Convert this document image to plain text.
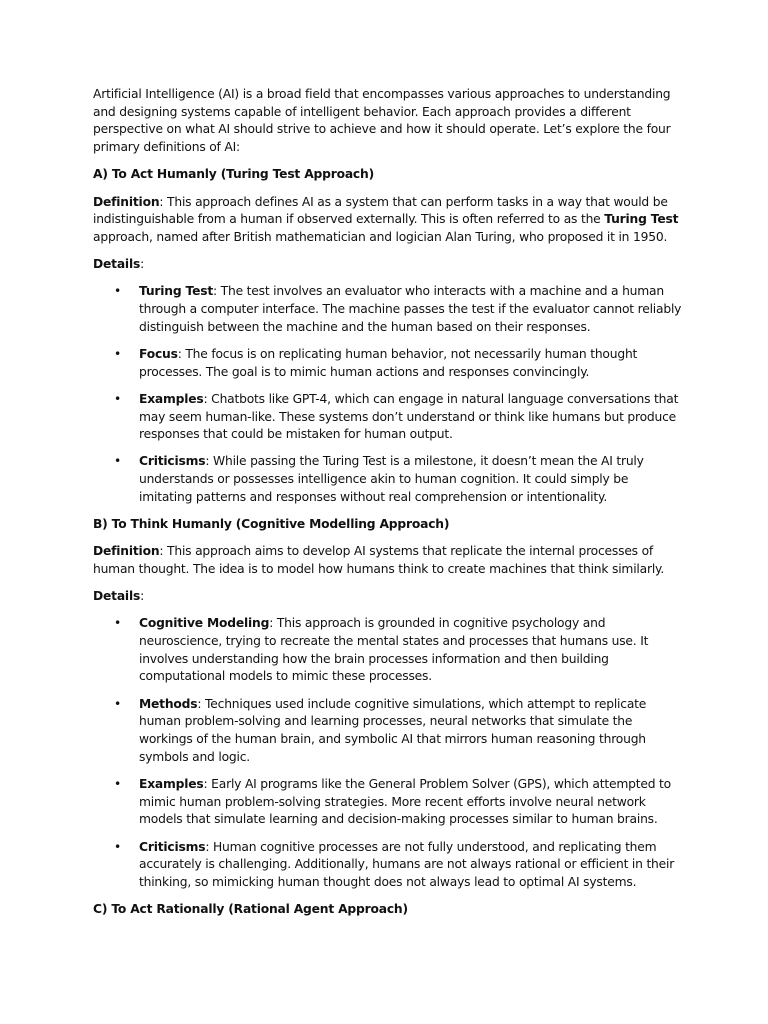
Artificial Intelligence (AI) is a broad field that encompasses various approaches to understanding and designing systems capable of intelligent behavior. Each approach provides a different perspective on what AI should strive to achieve and how it should operate. Let’s explore the four primary definitions of AI:

A) To Act Humanly (Turing Test Approach)

Definition: This approach defines AI as a system that can perform tasks in a way that would be indistinguishable from a human if observed externally. This is often referred to as the Turing Test approach, named after British mathematician and logician Alan Turing, who proposed it in 1950.

Details:

• Turing Test: The test involves an evaluator who interacts with a machine and a human through a computer interface. The machine passes the test if the evaluator cannot reliably distinguish between the machine and the human based on their responses.
• Focus: The focus is on replicating human behavior, not necessarily human thought processes. The goal is to mimic human actions and responses convincingly.
• Examples: Chatbots like GPT-4, which can engage in natural language conversations that may seem human-like. These systems don’t understand or think like humans but produce responses that could be mistaken for human output.
• Criticisms: While passing the Turing Test is a milestone, it doesn’t mean the AI truly understands or possesses intelligence akin to human cognition. It could simply be imitating patterns and responses without real comprehension or intentionality.
B) To Think Humanly (Cognitive Modelling Approach)

Definition: This approach aims to develop AI systems that replicate the internal processes of human thought. The idea is to model how humans think to create machines that think similarly.

Details:

• Cognitive Modeling: This approach is grounded in cognitive psychology and neuroscience, trying to recreate the mental states and processes that humans use. It involves understanding how the brain processes information and then building computational models to mimic these processes.
• Methods: Techniques used include cognitive simulations, which attempt to replicate human problem-solving and learning processes, neural networks that simulate the workings of the human brain, and symbolic AI that mirrors human reasoning through symbols and logic.
• Examples: Early AI programs like the General Problem Solver (GPS), which attempted to mimic human problem-solving strategies. More recent efforts involve neural network models that simulate learning and decision-making processes similar to human brains.
• Criticisms: Human cognitive processes are not fully understood, and replicating them accurately is challenging. Additionally, humans are not always rational or efficient in their thinking, so mimicking human thought does not always lead to optimal AI systems.
C) To Act Rationally (Rational Agent Approach)
